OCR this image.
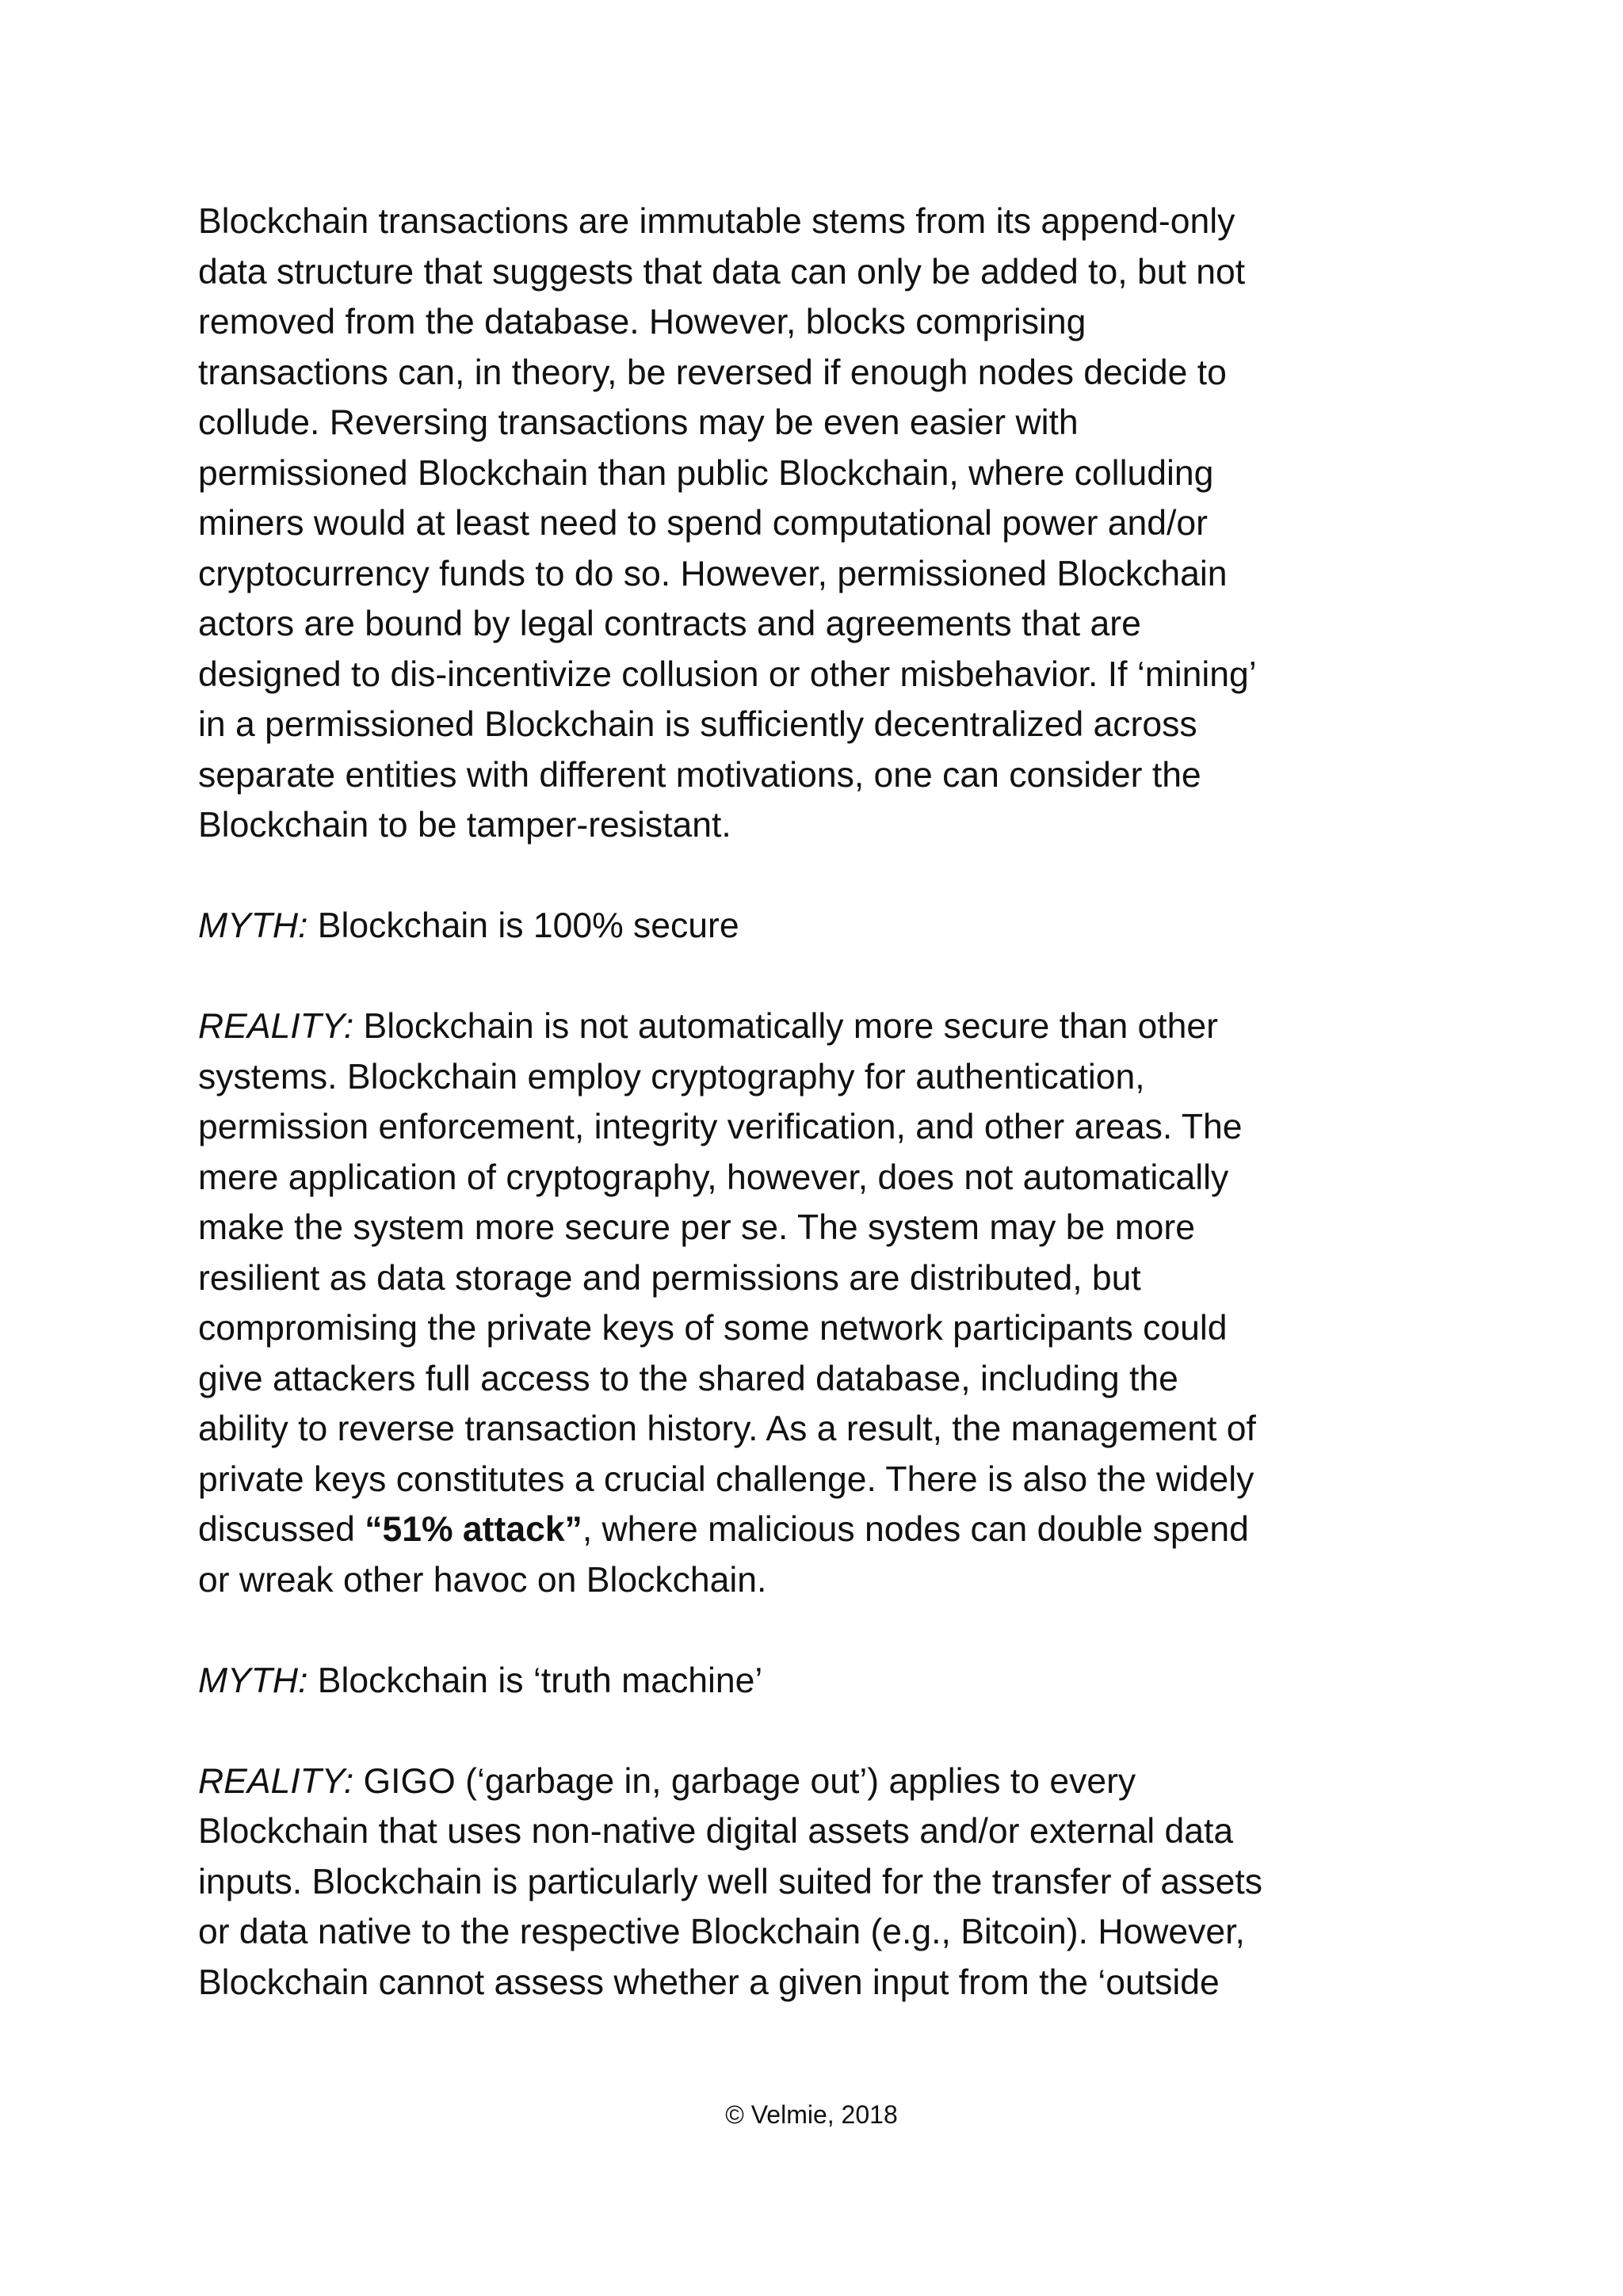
Blockchain transactions are immutable stems from its append-only

data structure that suggests that data can only be added to, but not

removed from the database. However, blocks comprising

transactions can, in theory, be reversed if enough nodes decide to

collude. Reversing transactions may be even easier with

permissioned Blockchain than public Blockchain, where colluding

miners would at least need to spend computational power and/or

cryptocurrency funds to do so. However, permissioned Blockchain

actors are bound by legal contracts and agreements that are

designed to dis-incentivize collusion or other misbehavior. If ‘mining’

in a permissioned Blockchain is sufficiently decentralized across

separate entities with different motivations, one can consider the

Blockchain to be tamper-resistant.

MYTH: Blockchain is 100% secure

REALITY: Blockchain is not automatically more secure than other

systems. Blockchain employ cryptography for authentication,

permission enforcement, integrity verification, and other areas. The

mere application of cryptography, however, does not automatically

make the system more secure per se. The system may be more

resilient as data storage and permissions are distributed, but

compromising the private keys of some network participants could

give attackers full access to the shared database, including the

ability to reverse transaction history. As a result, the management of

private keys constitutes a crucial challenge. There is also the widely

discussed “51% attack”, where malicious nodes can double spend

or wreak other havoc on Blockchain.

MYTH: Blockchain is ‘truth machine’

REALITY: GIGO (‘garbage in, garbage out’) applies to every

Blockchain that uses non-native digital assets and/or external data

inputs. Blockchain is particularly well suited for the transfer of assets

or data native to the respective Blockchain (e.g., Bitcoin). However,

Blockchain cannot assess whether a given input from the ‘outside

© Velmie, 2018
